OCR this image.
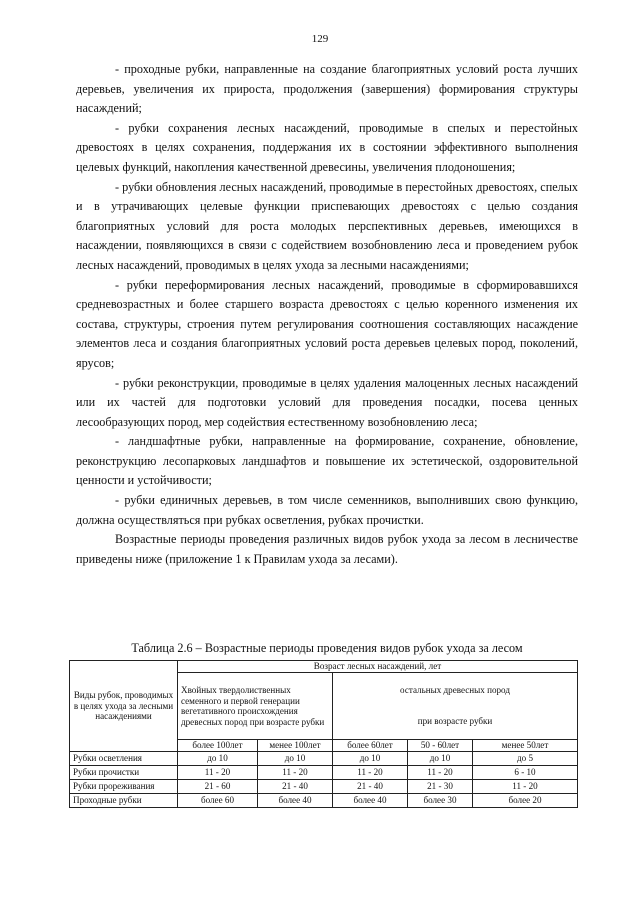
129

- проходные рубки, направленные на создание благоприятных условий роста лучших деревьев, увеличения их прироста, продолжения (завершения) формирования структуры насаждений;

- рубки сохранения лесных насаждений, проводимые в спелых и перестойных древостоях в целях сохранения, поддержания их в состоянии эффективного выполнения целевых функций, накопления качественной древесины, увеличения плодоношения;

- рубки обновления лесных насаждений, проводимые в перестойных древостоях, спелых и в утрачивающих целевые функции приспевающих древостоях с целью создания благоприятных условий для роста молодых перспективных деревьев, имеющихся в насаждении, появляющихся в связи с содействием возобновлению леса и проведением рубок лесных насаждений, проводимых в целях ухода за лесными насаждениями;

- рубки переформирования лесных насаждений, проводимые в сформировавшихся средневозрастных и более старшего возраста древостоях с целью коренного изменения их состава, структуры, строения путем регулирования соотношения составляющих насаждение элементов леса и создания благоприятных условий роста деревьев целевых пород, поколений, ярусов;

- рубки реконструкции, проводимые в целях удаления малоценных лесных насаждений или их частей для подготовки условий для проведения посадки, посева ценных лесообразующих пород, мер содействия естественному возобновлению леса;

- ландшафтные рубки, направленные на формирование, сохранение, обновление, реконструкцию лесопарковых ландшафтов и повышение их эстетической, оздоровительной ценности и устойчивости;

- рубки единичных деревьев, в том числе семенников, выполнивших свою функцию, должна осуществляться при рубках осветления, рубках прочистки.

Возрастные периоды проведения различных видов рубок ухода за лесом в лесничестве приведены ниже (приложение 1 к Правилам ухода за лесами).

Таблица 2.6 – Возрастные периоды проведения видов рубок ухода за лесом
Виды рубок, проводимых в целях ухода за лесными насаждениями	Возраст лесных насаждений, лет				
	Хвойных твердолиственных семенного и первой генерации вегетативного происхождения древесных пород при возрасте рубки		остальных древесных пород
при возрасте рубки		

	более 100лет	менее 100лет	более 60лет	50 - 60лет	менее 50лет
Рубки осветления	до 10	до 10	до 10	до 10	до 5
Рубки прочистки	11 - 20	11 - 20	11 - 20	11 - 20	6 - 10
Рубки прореживания	21 - 60	21 - 40	21 - 40	21 - 30	11 - 20
Проходные рубки	более 60	более 40	более 40	более 30	более 20
